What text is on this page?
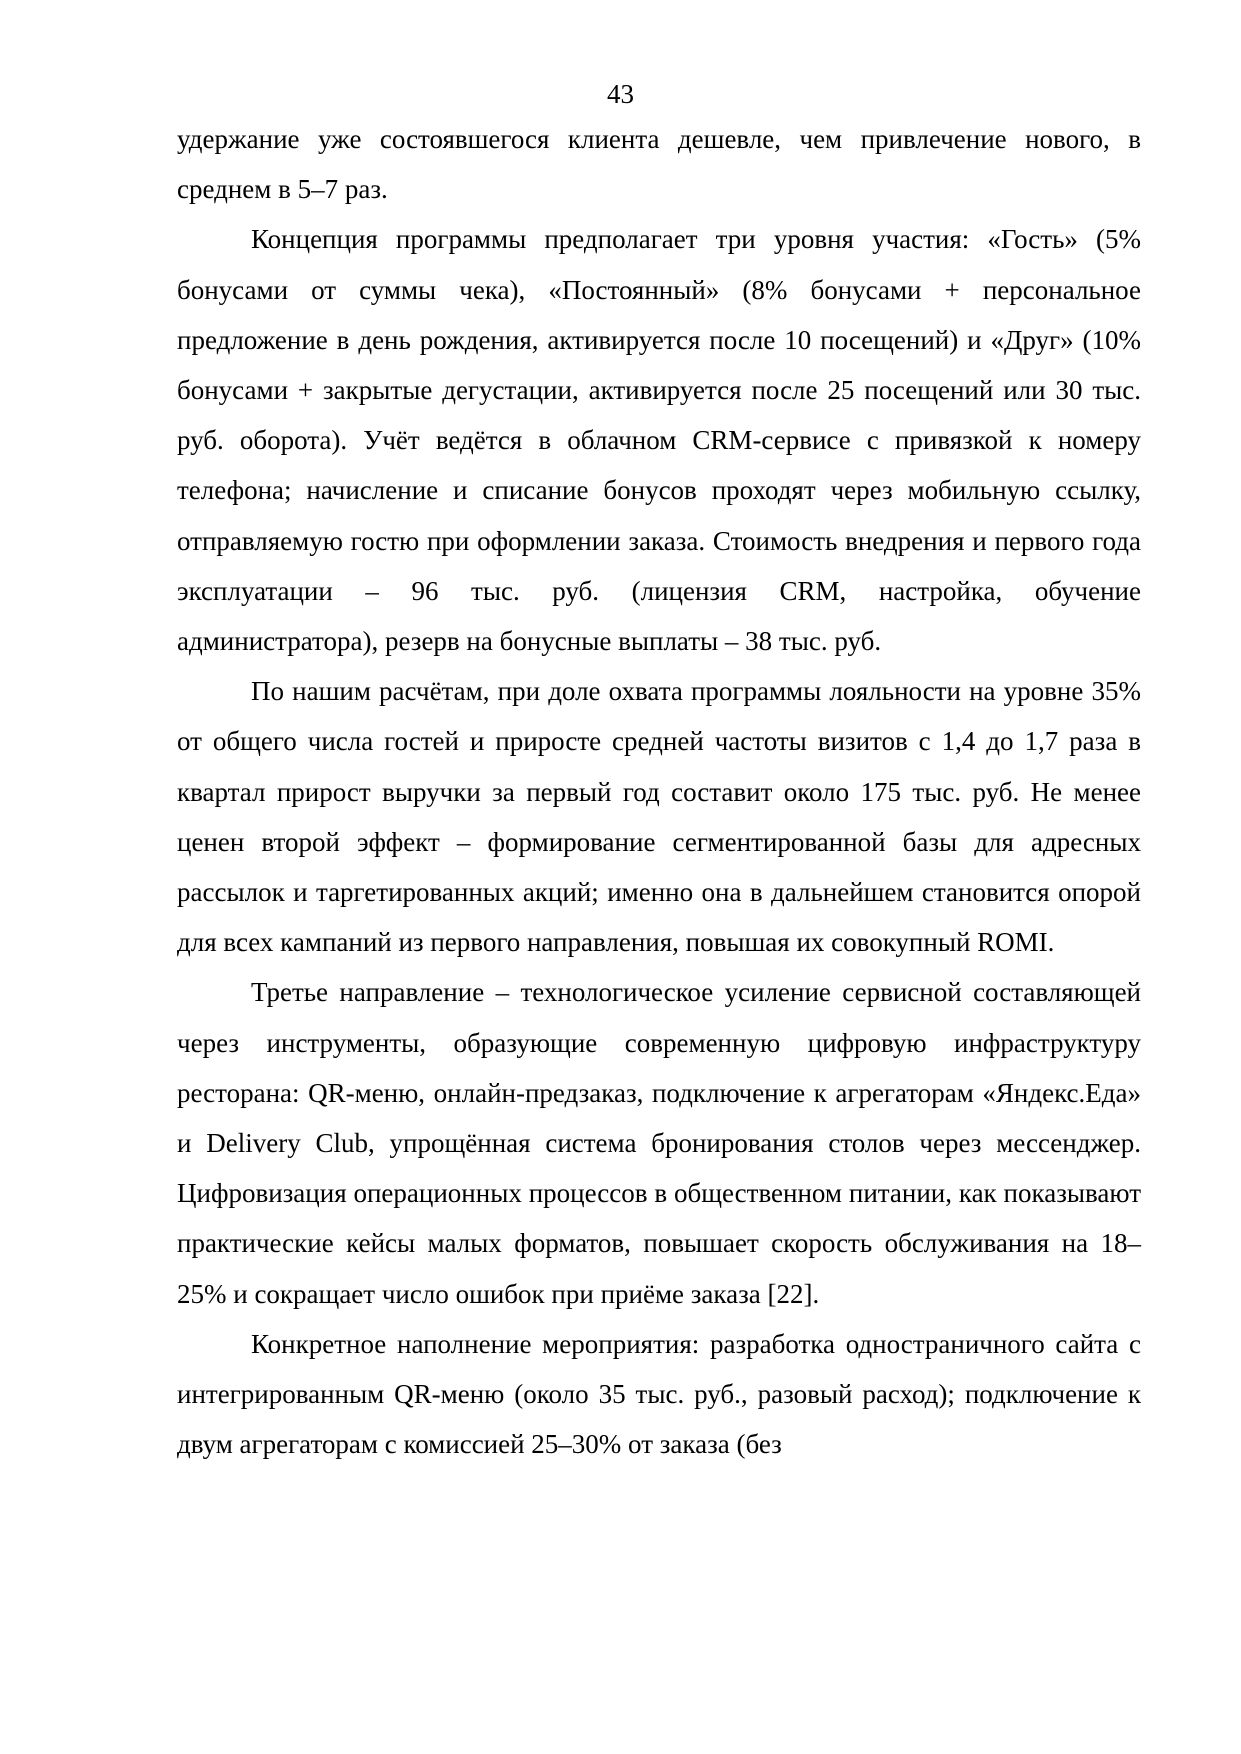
43

удержание уже состоявшегося клиента дешевле, чем привлечение нового, в среднем в 5–7 раз.

Концепция программы предполагает три уровня участия: «Гость» (5% бонусами от суммы чека), «Постоянный» (8% бонусами + персональное предложение в день рождения, активируется после 10 посещений) и «Друг» (10% бонусами + закрытые дегустации, активируется после 25 посещений или 30 тыс. руб. оборота). Учёт ведётся в облачном CRM-сервисе с привязкой к номеру телефона; начисление и списание бонусов проходят через мобильную ссылку, отправляемую гостю при оформлении заказа. Стоимость внедрения и первого года эксплуатации – 96 тыс. руб. (лицензия CRM, настройка, обучение администратора), резерв на бонусные выплаты – 38 тыс. руб.

По нашим расчётам, при доле охвата программы лояльности на уровне 35% от общего числа гостей и приросте средней частоты визитов с 1,4 до 1,7 раза в квартал прирост выручки за первый год составит около 175 тыс. руб. Не менее ценен второй эффект – формирование сегментированной базы для адресных рассылок и таргетированных акций; именно она в дальнейшем становится опорой для всех кампаний из первого направления, повышая их совокупный ROMI.

Третье направление – технологическое усиление сервисной составляющей через инструменты, образующие современную цифровую инфраструктуру ресторана: QR-меню, онлайн-предзаказ, подключение к агрегаторам «Яндекс.Еда» и Delivery Club, упрощённая система бронирования столов через мессенджер. Цифровизация операционных процессов в общественном питании, как показывают практические кейсы малых форматов, повышает скорость обслуживания на 18–25% и сокращает число ошибок при приёме заказа [22].

Конкретное наполнение мероприятия: разработка одностраничного сайта с интегрированным QR-меню (около 35 тыс. руб., разовый расход); подключение к двум агрегаторам с комиссией 25–30% от заказа (без
